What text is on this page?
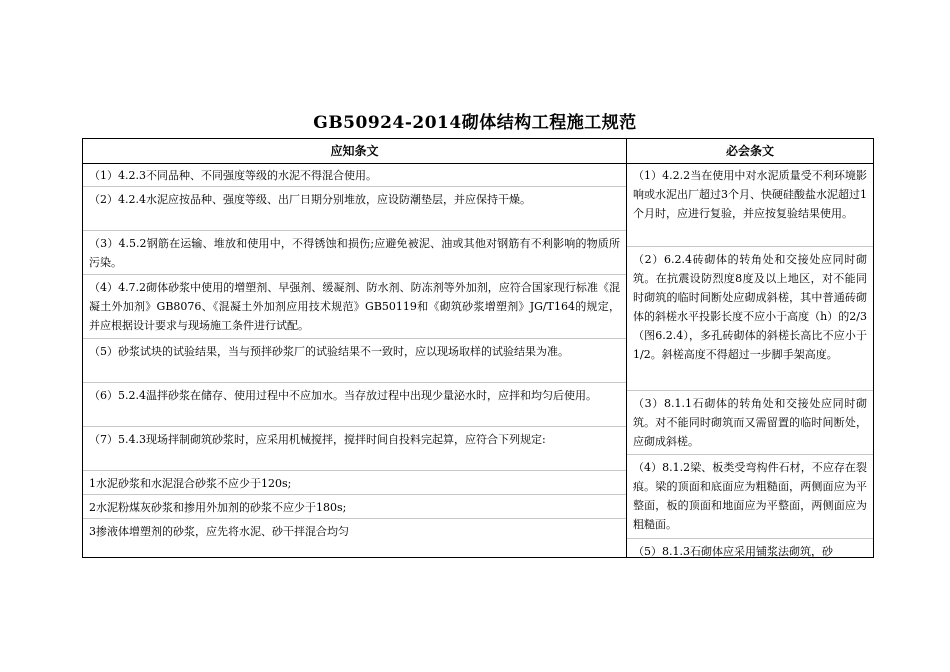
GB50924-2014砌体结构工程施工规范
应知条文	必会条文
（1）4.2.3不同品种、不同强度等级的水泥不得混合使用。
（2）4.2.4水泥应按品种、强度等级、出厂日期分别堆放，应设防潮垫层，并应保持干燥。
（3）4.5.2钢筋在运输、堆放和使用中，不得锈蚀和损伤;应避免被泥、油或其他对钢筋有不利影响的物质所污染。
（4）4.7.2砌体砂浆中使用的增塑剂、早强剂、缓凝剂、防水剂、防冻剂等外加剂，应符合国家现行标准《混凝土外加剂》GB8076、《混凝土外加剂应用技术规范》GB50119和《砌筑砂浆增塑剂》JG/T164的规定，并应根据设计要求与现场施工条件进行试配。
（5）砂浆试块的试验结果，当与预拌砂浆厂的试验结果不一致时，应以现场取样的试验结果为准。
（6）5.2.4温拌砂浆在储存、使用过程中不应加水。当存放过程中出现少量泌水时，应拌和均匀后使用。
（7）5.4.3现场拌制砌筑砂浆时，应采用机械搅拌，搅拌时间自投料完起算，应符合下列规定:
1水泥砂浆和水泥混合砂浆不应少于120s;
2水泥粉煤灰砂浆和掺用外加剂的砂浆不应少于180s;
3掺液体增塑剂的砂浆，应先将水泥、砂干拌混合均匀
（1）4.2.2当在使用中对水泥质量受不利环境影响或水泥出厂超过3个月、快硬硅酸盐水泥超过1个月时，应进行复验，并应按复验结果使用。
（2）6.2.4砖砌体的转角处和交接处应同时砌筑。在抗震设防烈度8度及以上地区，对不能同时砌筑的临时间断处应砌成斜槎，其中普通砖砌体的斜槎水平投影长度不应小于高度（h）的2/3（图6.2.4），多孔砖砌体的斜槎长高比不应小于1/2。斜槎高度不得超过一步脚手架高度。
（3）8.1.1石砌体的转角处和交接处应同时砌筑。对不能同时砌筑而又需留置的临时间断处，应砌成斜槎。
（4）8.1.2梁、板类受弯构件石材，不应存在裂痕。梁的顶面和底面应为粗糙面，两侧面应为平整面，板的顶面和地面应为平整面，两侧面应为粗糙面。
（5）8.1.3石砌体应采用铺浆法砌筑，砂
